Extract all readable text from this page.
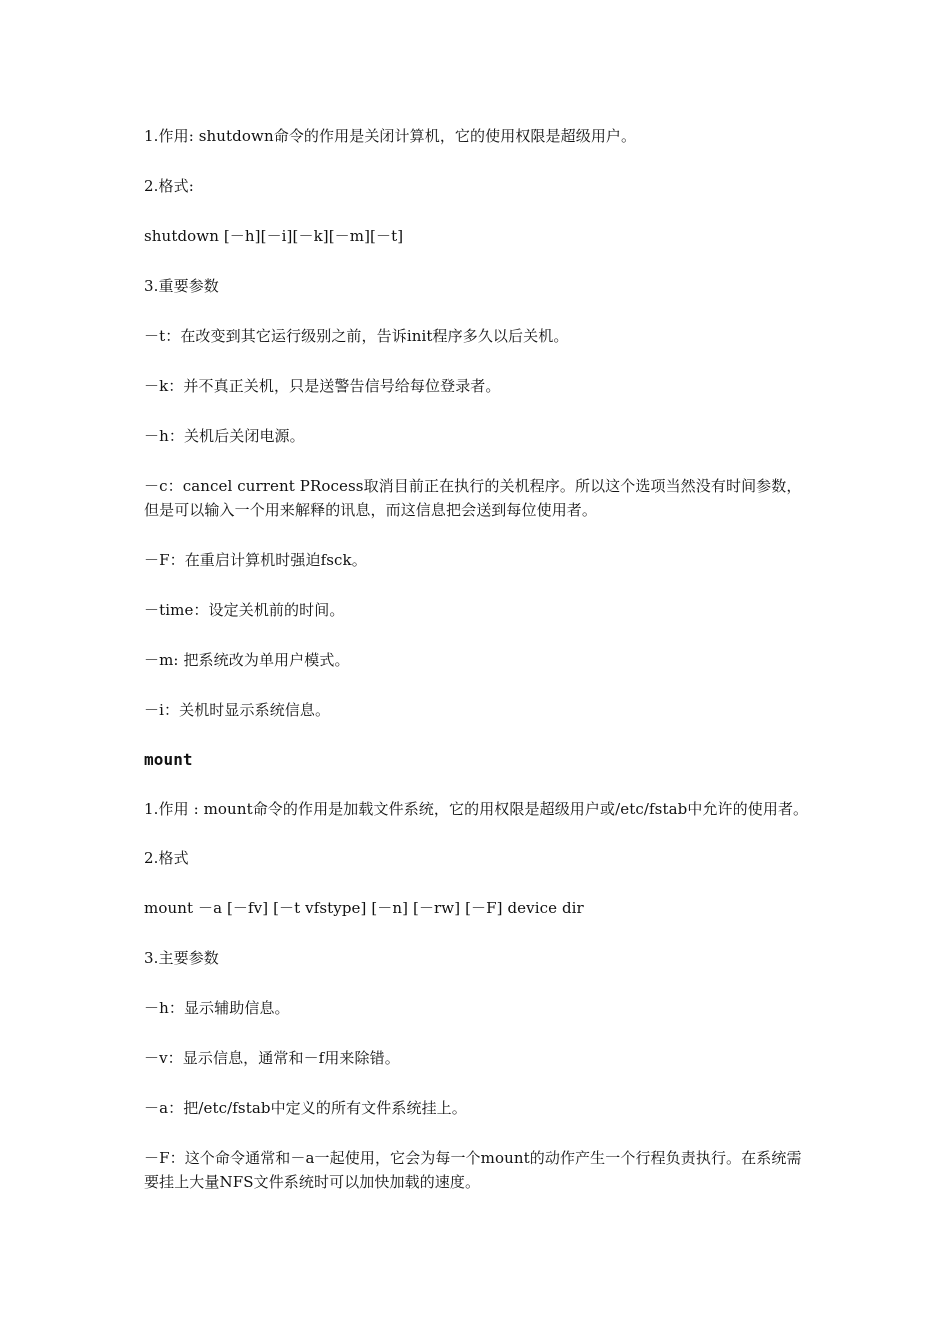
1.作用: shutdown命令的作用是关闭计算机，它的使用权限是超级用户。
2.格式:
shutdown [－h][－i][－k][－m][－t]
3.重要参数
－t：在改变到其它运行级别之前，告诉init程序多久以后关机。
－k：并不真正关机，只是送警告信号给每位登录者。
－h：关机后关闭电源。
－c：cancel current PRocess取消目前正在执行的关机程序。所以这个选项当然没有时间参数，但是可以输入一个用来解释的讯息，而这信息把会送到每位使用者。
－F：在重启计算机时强迫fsck。
－time：设定关机前的时间。
－m: 把系统改为单用户模式。
－i：关机时显示系统信息。
mount
1.作用 : mount命令的作用是加载文件系统，它的用权限是超级用户或/etc/fstab中允许的使用者。
2.格式
mount －a [－fv] [－t vfstype] [－n] [－rw] [－F] device dir
3.主要参数
－h：显示辅助信息。
－v：显示信息，通常和－f用来除错。
－a：把/etc/fstab中定义的所有文件系统挂上。
－F：这个命令通常和－a一起使用，它会为每一个mount的动作产生一个行程负责执行。在系统需要挂上大量NFS文件系统时可以加快加载的速度。
